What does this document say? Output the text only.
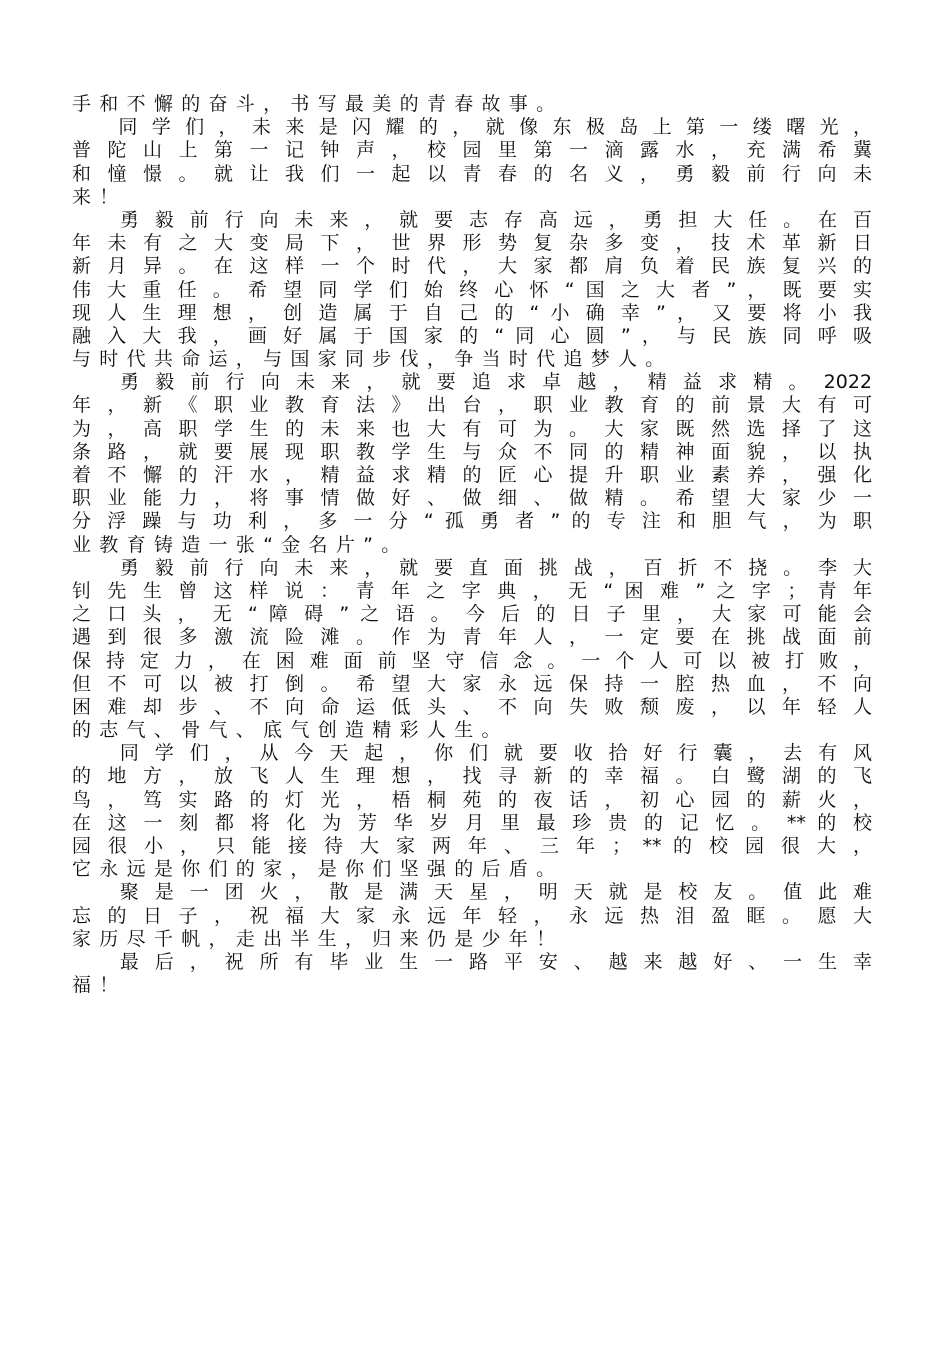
手和不懈的奋斗，书写最美的青春故事。
　　同 学 们 ， 未 来 是 闪 耀 的 ， 就 像 东 极 岛 上 第 一 缕 曙 光 ，
普 陀 山 上 第 一 记 钟 声 ， 校 园 里 第 一 滴 露 水 ， 充 满 希 冀
和 憧 憬 。 就 让 我 们 一 起 以 青 春 的 名 义 ， 勇 毅 前 行 向 未
来！
　　勇 毅 前 行 向 未 来 ， 就 要 志 存 高 远 ， 勇 担 大 任 。 在 百
年 未 有 之 大 变 局 下 ， 世 界 形 势 复 杂 多 变 ， 技 术 革 新 日
新 月 异 。 在 这 样 一 个 时 代 ， 大 家 都 肩 负 着 民 族 复 兴 的
伟 大 重 任 。 希 望 同 学 们 始 终 心 怀 “ 国 之 大 者 ” ， 既 要 实
现 人 生 理 想 ， 创 造 属 于 自 己 的 “ 小 确 幸 ” ， 又 要 将 小 我
融 入 大 我 ， 画 好 属 于 国 家 的 “ 同 心 圆 ” ， 与 民 族 同 呼 吸
与时代共命运，与国家同步伐，争当时代追梦人。
　　勇 毅 前 行 向 未 来 ， 就 要 追 求 卓 越 ， 精 益 求 精 。 2022
年 ， 新 《 职 业 教 育 法 》 出 台 ， 职 业 教 育 的 前 景 大 有 可
为 ， 高 职 学 生 的 未 来 也 大 有 可 为 。 大 家 既 然 选 择 了 这
条 路 ， 就 要 展 现 职 教 学 生 与 众 不 同 的 精 神 面 貌 ， 以 执
着 不 懈 的 汗 水 ， 精 益 求 精 的 匠 心 提 升 职 业 素 养 ， 强 化
职 业 能 力 ， 将 事 情 做 好 、 做 细 、 做 精 。 希 望 大 家 少 一
分 浮 躁 与 功 利 ， 多 一 分 “ 孤 勇 者 ” 的 专 注 和 胆 气 ， 为 职
业教育铸造一张“金名片”。
　　勇 毅 前 行 向 未 来 ， 就 要 直 面 挑 战 ， 百 折 不 挠 。 李 大
钊 先 生 曾 这 样 说 ： 青 年 之 字 典 ， 无 “ 困 难 ” 之 字 ； 青 年
之 口 头 ， 无 “ 障 碍 ” 之 语 。 今 后 的 日 子 里 ， 大 家 可 能 会
遇 到 很 多 激 流 险 滩 。 作 为 青 年 人 ， 一 定 要 在 挑 战 面 前
保 持 定 力 ， 在 困 难 面 前 坚 守 信 念 。 一 个 人 可 以 被 打 败 ，
但 不 可 以 被 打 倒 。 希 望 大 家 永 远 保 持 一 腔 热 血 ， 不 向
困 难 却 步 、 不 向 命 运 低 头 、 不 向 失 败 颓 废 ， 以 年 轻 人
的志气、骨气、底气创造精彩人生。
　　同 学 们 ， 从 今 天 起 ， 你 们 就 要 收 拾 好 行 囊 ， 去 有 风
的 地 方 ， 放 飞 人 生 理 想 ， 找 寻 新 的 幸 福 。 白 鹭 湖 的 飞
鸟 ， 笃 实 路 的 灯 光 ， 梧 桐 苑 的 夜 话 ， 初 心 园 的 薪 火 ，
在 这 一 刻 都 将 化 为 芳 华 岁 月 里 最 珍 贵 的 记 忆 。 ** 的 校
园 很 小 ， 只 能 接 待 大 家 两 年 、 三 年 ； ** 的 校 园 很 大 ，
它永远是你们的家，是你们坚强的后盾。
　　聚 是 一 团 火 ， 散 是 满 天 星 ， 明 天 就 是 校 友 。 值 此 难
忘 的 日 子 ， 祝 福 大 家 永 远 年 轻 ， 永 远 热 泪 盈 眶 。 愿 大
家历尽千帆，走出半生，归来仍是少年！
　　最 后 ， 祝 所 有 毕 业 生 一 路 平 安 、 越 来 越 好 、 一 生 幸
福！
